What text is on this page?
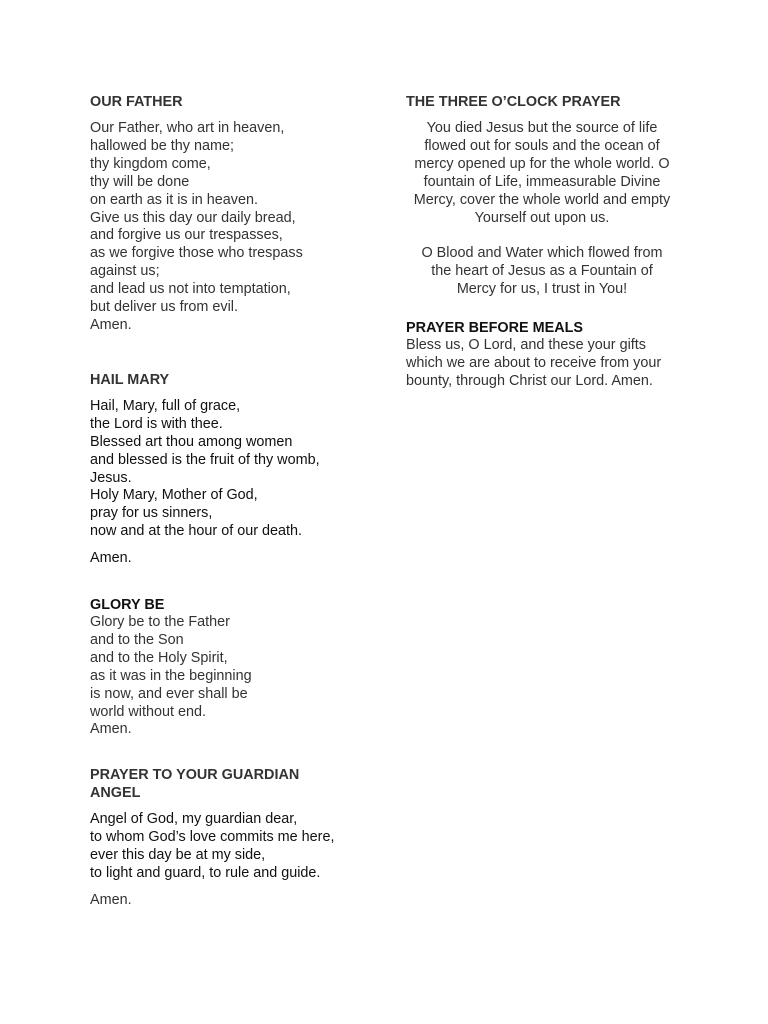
OUR FATHER

Our Father, who art in heaven,
hallowed be thy name;
thy kingdom come,
thy will be done
on earth as it is in heaven.
Give us this day our daily bread,
and forgive us our trespasses,
as we forgive those who trespass
against us;
and lead us not into temptation,
but deliver us from evil.
Amen.

HAIL MARY

Hail, Mary, full of grace,
the Lord is with thee.
Blessed art thou among women
and blessed is the fruit of thy womb,
Jesus.
Holy Mary, Mother of God,
pray for us sinners,
now and at the hour of our death.

Amen.

GLORY BE

Glory be to the Father
and to the Son
and to the Holy Spirit,
as it was in the beginning
is now, and ever shall be
world without end.
Amen.

PRAYER TO YOUR GUARDIAN
ANGEL

Angel of God, my guardian dear,
to whom God’s love commits me here,
ever this day be at my side,
to light and guard, to rule and guide.

Amen.

THE THREE O’CLOCK PRAYER

You died Jesus but the source of life
flowed out for souls and the ocean of
mercy opened up for the whole world. O
fountain of Life, immeasurable Divine
Mercy, cover the whole world and empty
Yourself out upon us.

O Blood and Water which flowed from
the heart of Jesus as a Fountain of
Mercy for us, I trust in You!

PRAYER BEFORE MEALS

Bless us, O Lord, and these your gifts
which we are about to receive from your
bounty, through Christ our Lord. Amen.
